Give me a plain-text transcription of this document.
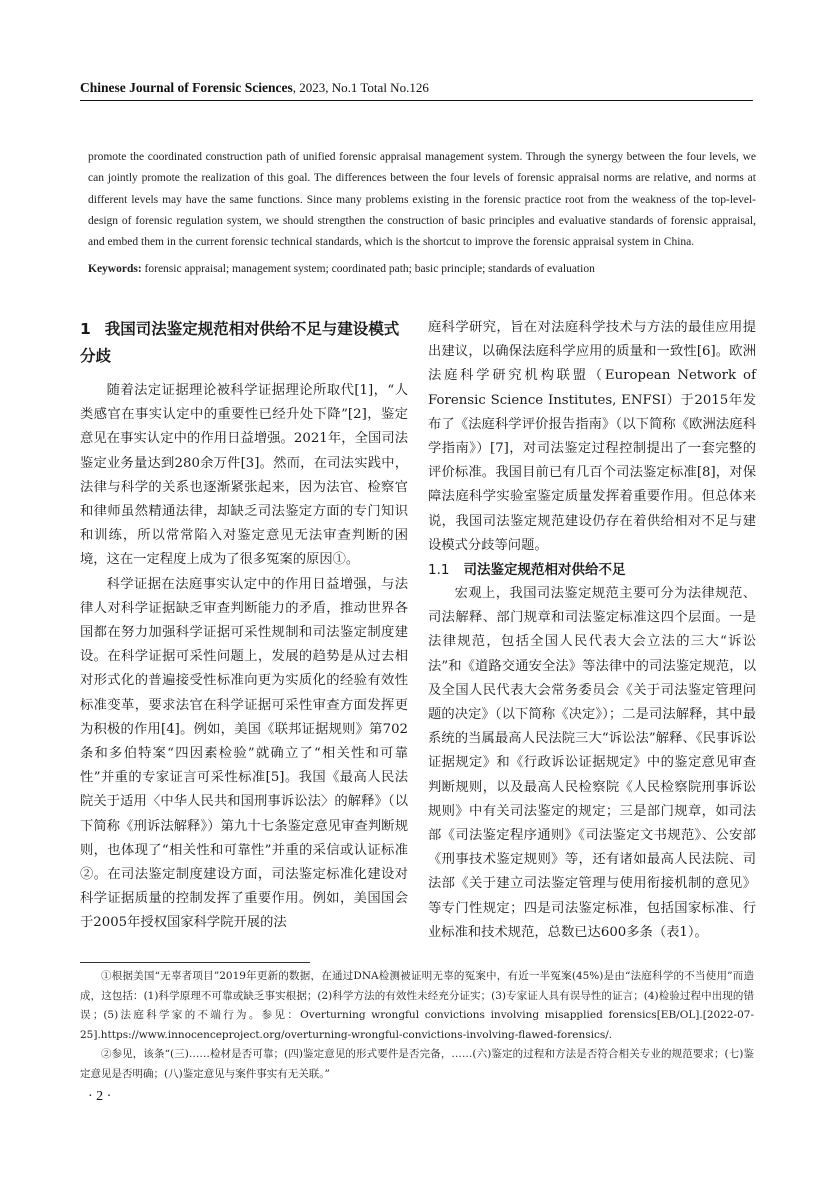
Chinese Journal of Forensic Sciences, 2023, No.1 Total No.126
promote the coordinated construction path of unified forensic appraisal management system. Through the synergy between the four levels, we can jointly promote the realization of this goal. The differences between the four levels of forensic appraisal norms are relative, and norms at different levels may have the same functions. Since many problems existing in the forensic practice root from the weakness of the top-level-design of forensic regulation system, we should strengthen the construction of basic principles and evaluative standards of forensic appraisal, and embed them in the current forensic technical standards, which is the shortcut to improve the forensic appraisal system in China.
Keywords: forensic appraisal; management system; coordinated path; basic principle; standards of evaluation
1 我国司法鉴定规范相对供给不足与建设模式分歧

随着法定证据理论被科学证据理论所取代[1]，“人类感官在事实认定中的重要性已经升处下降”[2]，鉴定意见在事实认定中的作用日益增强。2021年，全国司法鉴定业务量达到280余万件[3]。然而，在司法实践中，法律与科学的关系也逐渐紧张起来，因为法官、检察官和律师虽然精通法律，却缺乏司法鉴定方面的专门知识和训练，所以常常陷入对鉴定意见无法审查判断的困境，这在一定程度上成为了很多冤案的原因①。

科学证据在法庭事实认定中的作用日益增强，与法律人对科学证据缺乏审查判断能力的矛盾，推动世界各国都在努力加强科学证据可采性规制和司法鉴定制度建设。在科学证据可采性问题上，发展的趋势是从过去相对形式化的普遍接受性标准向更为实质化的经验有效性标准变革，要求法官在科学证据可采性审查方面发挥更为积极的作用[4]。例如，美国《联邦证据规则》第702条和多伯特案“四因素检验”就确立了“相关性和可靠性”并重的专家证言可采性标准[5]。我国《最高人民法院关于适用〈中华人民共和国刑事诉讼法〉的解释》（以下简称《刑诉法解释》）第九十七条鉴定意见审查判断规则，也体现了“相关性和可靠性”并重的采信或认证标准②。在司法鉴定制度建设方面，司法鉴定标准化建设对科学证据质量的控制发挥了重要作用。例如，美国国会于2005年授权国家科学院开展的法

庭科学研究，旨在对法庭科学技术与方法的最佳应用提出建议，以确保法庭科学应用的质量和一致性[6]。欧洲法庭科学研究机构联盟（European Network of Forensic Science Institutes, ENFSI）于2015年发布了《法庭科学评价报告指南》（以下简称《欧洲法庭科学指南》）[7]，对司法鉴定过程控制提出了一套完整的评价标准。我国目前已有几百个司法鉴定标准[8]，对保障法庭科学实验室鉴定质量发挥着重要作用。但总体来说，我国司法鉴定规范建设仍存在着供给相对不足与建设模式分歧等问题。

1.1 司法鉴定规范相对供给不足

宏观上，我国司法鉴定规范主要可分为法律规范、司法解释、部门规章和司法鉴定标准这四个层面。一是法律规范，包括全国人民代表大会立法的三大“诉讼法”和《道路交通安全法》等法律中的司法鉴定规范，以及全国人民代表大会常务委员会《关于司法鉴定管理问题的决定》（以下简称《决定》）；二是司法解释，其中最系统的当属最高人民法院三大“诉讼法”解释、《民事诉讼证据规定》和《行政诉讼证据规定》中的鉴定意见审查判断规则，以及最高人民检察院《人民检察院刑事诉讼规则》中有关司法鉴定的规定；三是部门规章，如司法部《司法鉴定程序通则》《司法鉴定文书规范》、公安部《刑事技术鉴定规则》等，还有诸如最高人民法院、司法部《关于建立司法鉴定管理与使用衔接机制的意见》等专门性规定；四是司法鉴定标准，包括国家标准、行业标准和技术规范，总数已达600多条（表1）。

①根据美国“无辜者项目”2019年更新的数据，在通过DNA检测被证明无辜的冤案中，有近一半冤案(45%)是由“法庭科学的不当使用”而造成，这包括：(1)科学原理不可靠或缺乏事实根据；(2)科学方法的有效性未经充分证实；(3)专家证人具有误导性的证言；(4)检验过程中出现的错误；(5)法庭科学家的不端行为。参见：Overturning wrongful convictions involving misapplied forensics[EB/OL].[2022-07-25].https://www.innocenceproject.org/overturning-wrongful-convictions-involving-flawed-forensics/.

②参见，该条“(三)……检材是否可靠；(四)鉴定意见的形式要件是否完备，……(六)鉴定的过程和方法是否符合相关专业的规范要求；(七)鉴定意见是否明确；(八)鉴定意见与案件事实有无关联。”

· 2 ·
